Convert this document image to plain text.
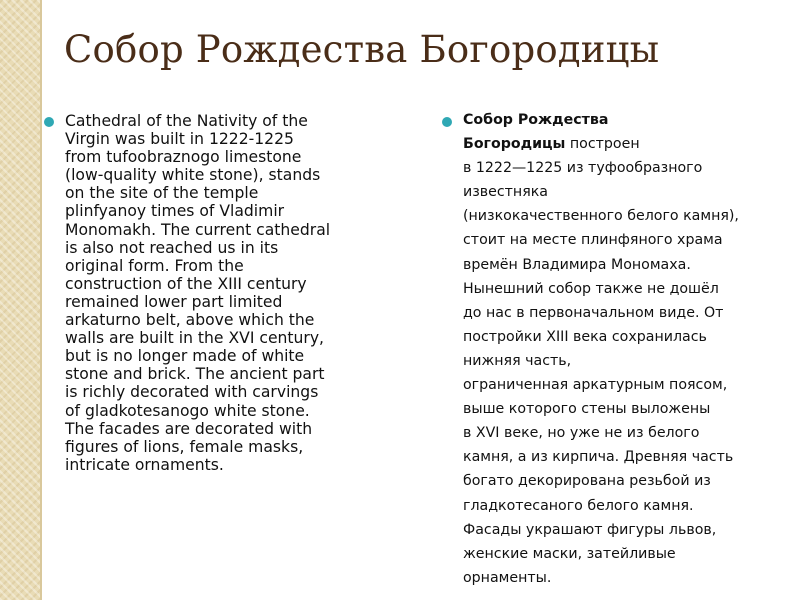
Собор Рождества Богородицы

Cathedral of the Nativity of the
Virgin was built in 1222-1225
from tufoobraznogo limestone
(low-quality white stone), stands
on the site of the temple
plinfyanoy times of Vladimir
Monomakh. The current cathedral
is also not reached us in its
original form. From the
construction of the XIII century
remained lower part limited
arkaturno belt, above which the
walls are built in the XVI century,
but is no longer made of white
stone and brick. The ancient part
is richly decorated with carvings
of gladkotesanogo white stone.
The facades are decorated with
figures of lions, female masks,
intricate ornaments.

Собор Рождества
Богородицы построен
в 1222—1225 из туфообразного
известняка
(низкокачественного белого камня),
стоит на месте плинфяного храма
времён Владимира Мономаха.
Нынешний собор также не дошёл
до нас в первоначальном виде. От
постройки XIII века сохранилась
нижняя часть,
ограниченная аркатурным поясом,
выше которого стены выложены
в XVI веке, но уже не из белого
камня, а из кирпича. Древняя часть
богато декорирована резьбой из
гладкотесаного белого камня.
Фасады украшают фигуры львов,
женские маски, затейливые
орнаменты.
